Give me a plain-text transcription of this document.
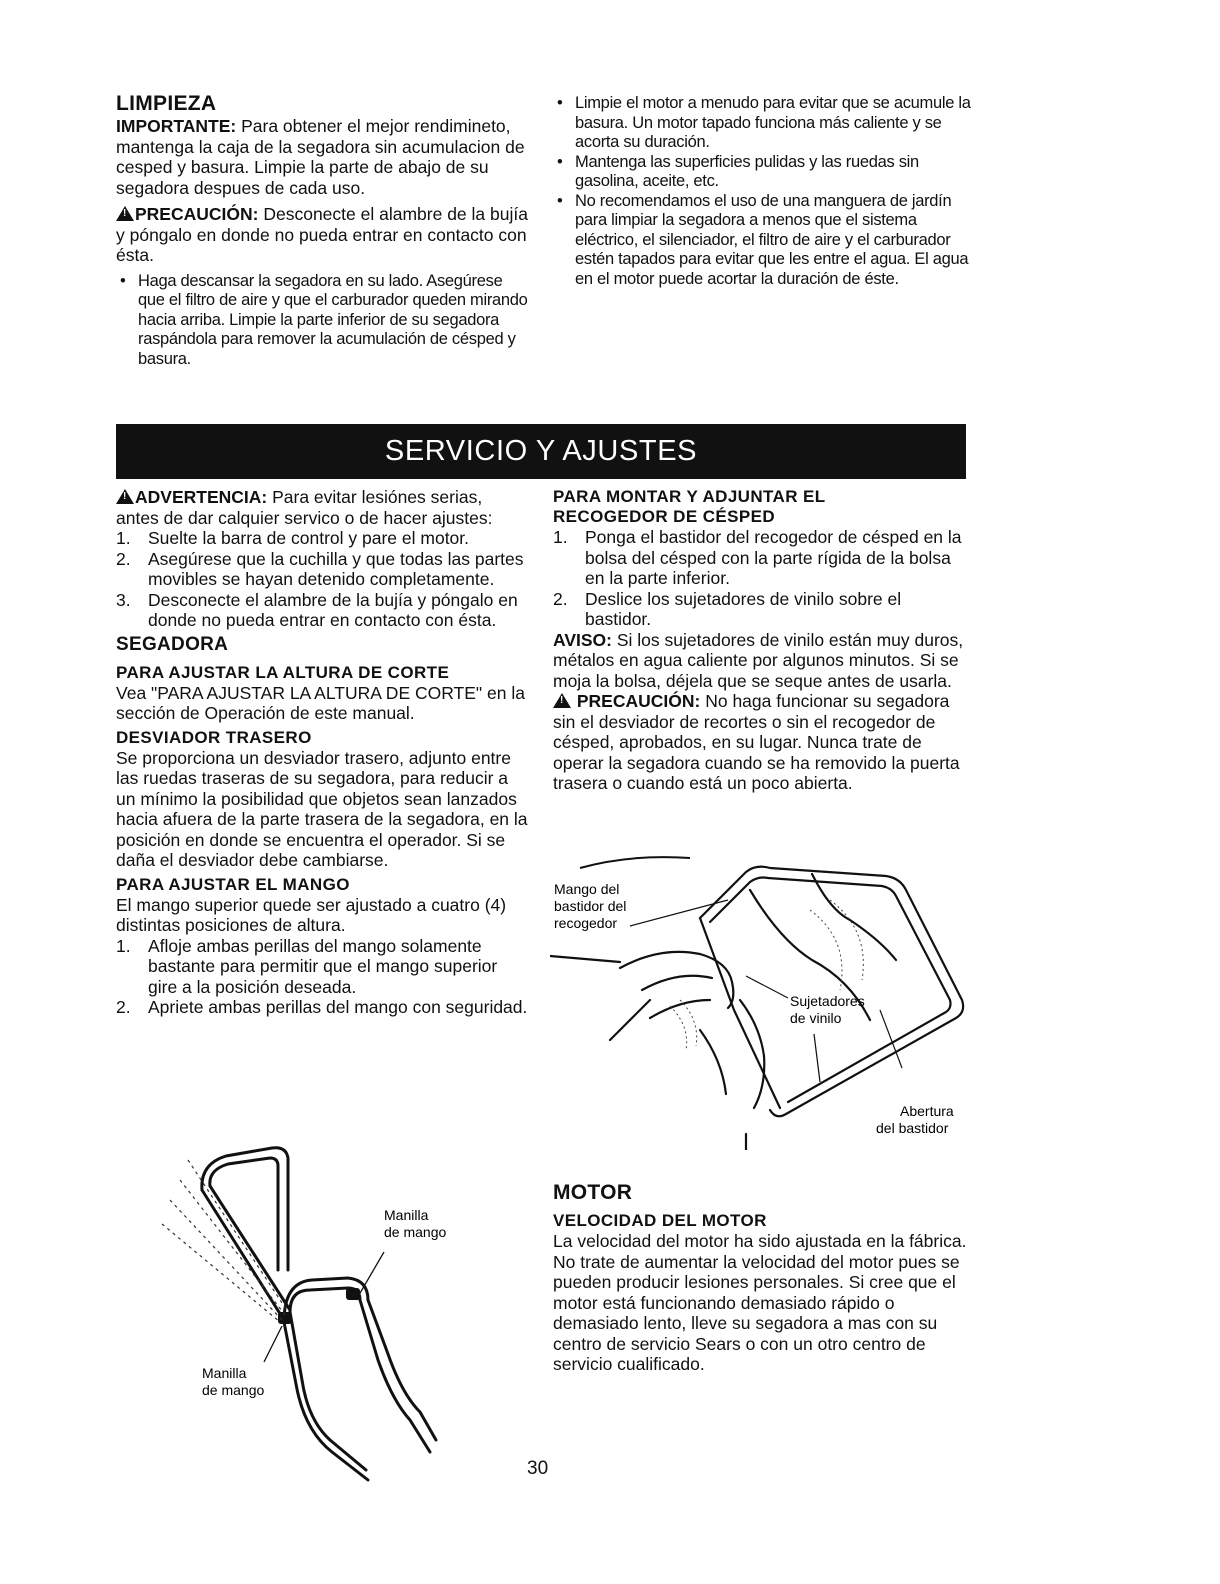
LIMPIEZA

IMPORTANTE: Para obtener el mejor rendimineto, mantenga la caja de la segadora sin acumulacion de cesped y basura. Limpie la parte de abajo de su segadora despues de cada uso.

!PRECAUCIÓN: Desconecte el alambre de la bujía y póngalo en donde no pueda entrar en contacto con ésta.

• Haga descansar la segadora en su lado. Asegúrese que el filtro de aire y que el carburador queden mirando hacia arriba. Limpie la parte inferior de su segadora raspándola para remover la acumulación de césped y basura.
• Limpie el motor a menudo para evitar que se acumule la basura. Un motor tapado funciona más caliente y se acorta su duración.
• Mantenga las superficies pulidas y las ruedas sin gasolina, aceite, etc.
• No recomendamos el uso de una manguera de jardín para limpiar la segadora a menos que el sistema eléctrico, el silenciador, el filtro de aire y el carburador estén tapados para evitar que les entre el agua. El agua en el motor puede acortar la duración de éste.
SERVICIO Y AJUSTES

!ADVERTENCIA: Para evitar lesiónes serias, antes de dar calquier servico o de hacer ajustes:

1. Suelte la barra de control y pare el motor.
2. Asegúrese que la cuchilla y que todas las partes movibles se hayan detenido completamente.
3. Desconecte el alambre de la bujía y póngalo en donde no pueda entrar en contacto con ésta.
SEGADORA
PARA AJUSTAR LA ALTURA DE CORTE

Vea "PARA AJUSTAR LA ALTURA DE CORTE" en la sección de Operación de este manual.

DESVIADOR TRASERO

Se proporciona un desviador trasero, adjunto entre las ruedas traseras de su segadora, para reducir a un mínimo la posibilidad que objetos sean lanzados hacia afuera de la parte trasera de la segadora, en la posición en donde se encuentra el operador. Si se daña el desviador debe cambiarse.

PARA AJUSTAR EL MANGO

El mango superior quede ser ajustado a cuatro (4) distintas posiciones de altura.

1. Afloje ambas perillas del mango solamente bastante para permitir que el mango superior gire a la posición deseada.
2. Apriete ambas perillas del mango con seguridad.
Manilla
de mango
Manilla
de mango
PARA MONTAR Y ADJUNTAR EL
RECOGEDOR DE CÉSPED
1. Ponga el bastidor del recogedor de césped en la bolsa del césped con la parte rígida de la bolsa en la parte inferior.
2. Deslice los sujetadores de vinilo sobre el bastidor.

AVISO: Si los sujetadores de vinilo están muy duros, métalos en agua caliente por algunos minutos. Si se moja la bolsa, déjela que se seque antes de usarla.

! PRECAUCIÓN: No haga funcionar su segadora sin el desviador de recortes o sin el recogedor de césped, aprobados, en su lugar. Nunca trate de operar la segadora cuando se ha removido la puerta trasera o cuando está un poco abierta.

Mango del
bastidor del
recogedor
Sujetadores
de vinilo
Abertura
del bastidor
MOTOR
VELOCIDAD DEL MOTOR

La velocidad del motor ha sido ajustada en la fábrica. No trate de aumentar la velocidad del motor pues se pueden producir lesiones personales. Si cree que el motor está funcionando demasiado rápido o demasiado lento, lleve su segadora a mas con su centro de servicio Sears o con un otro centro de servicio cualificado.

30
